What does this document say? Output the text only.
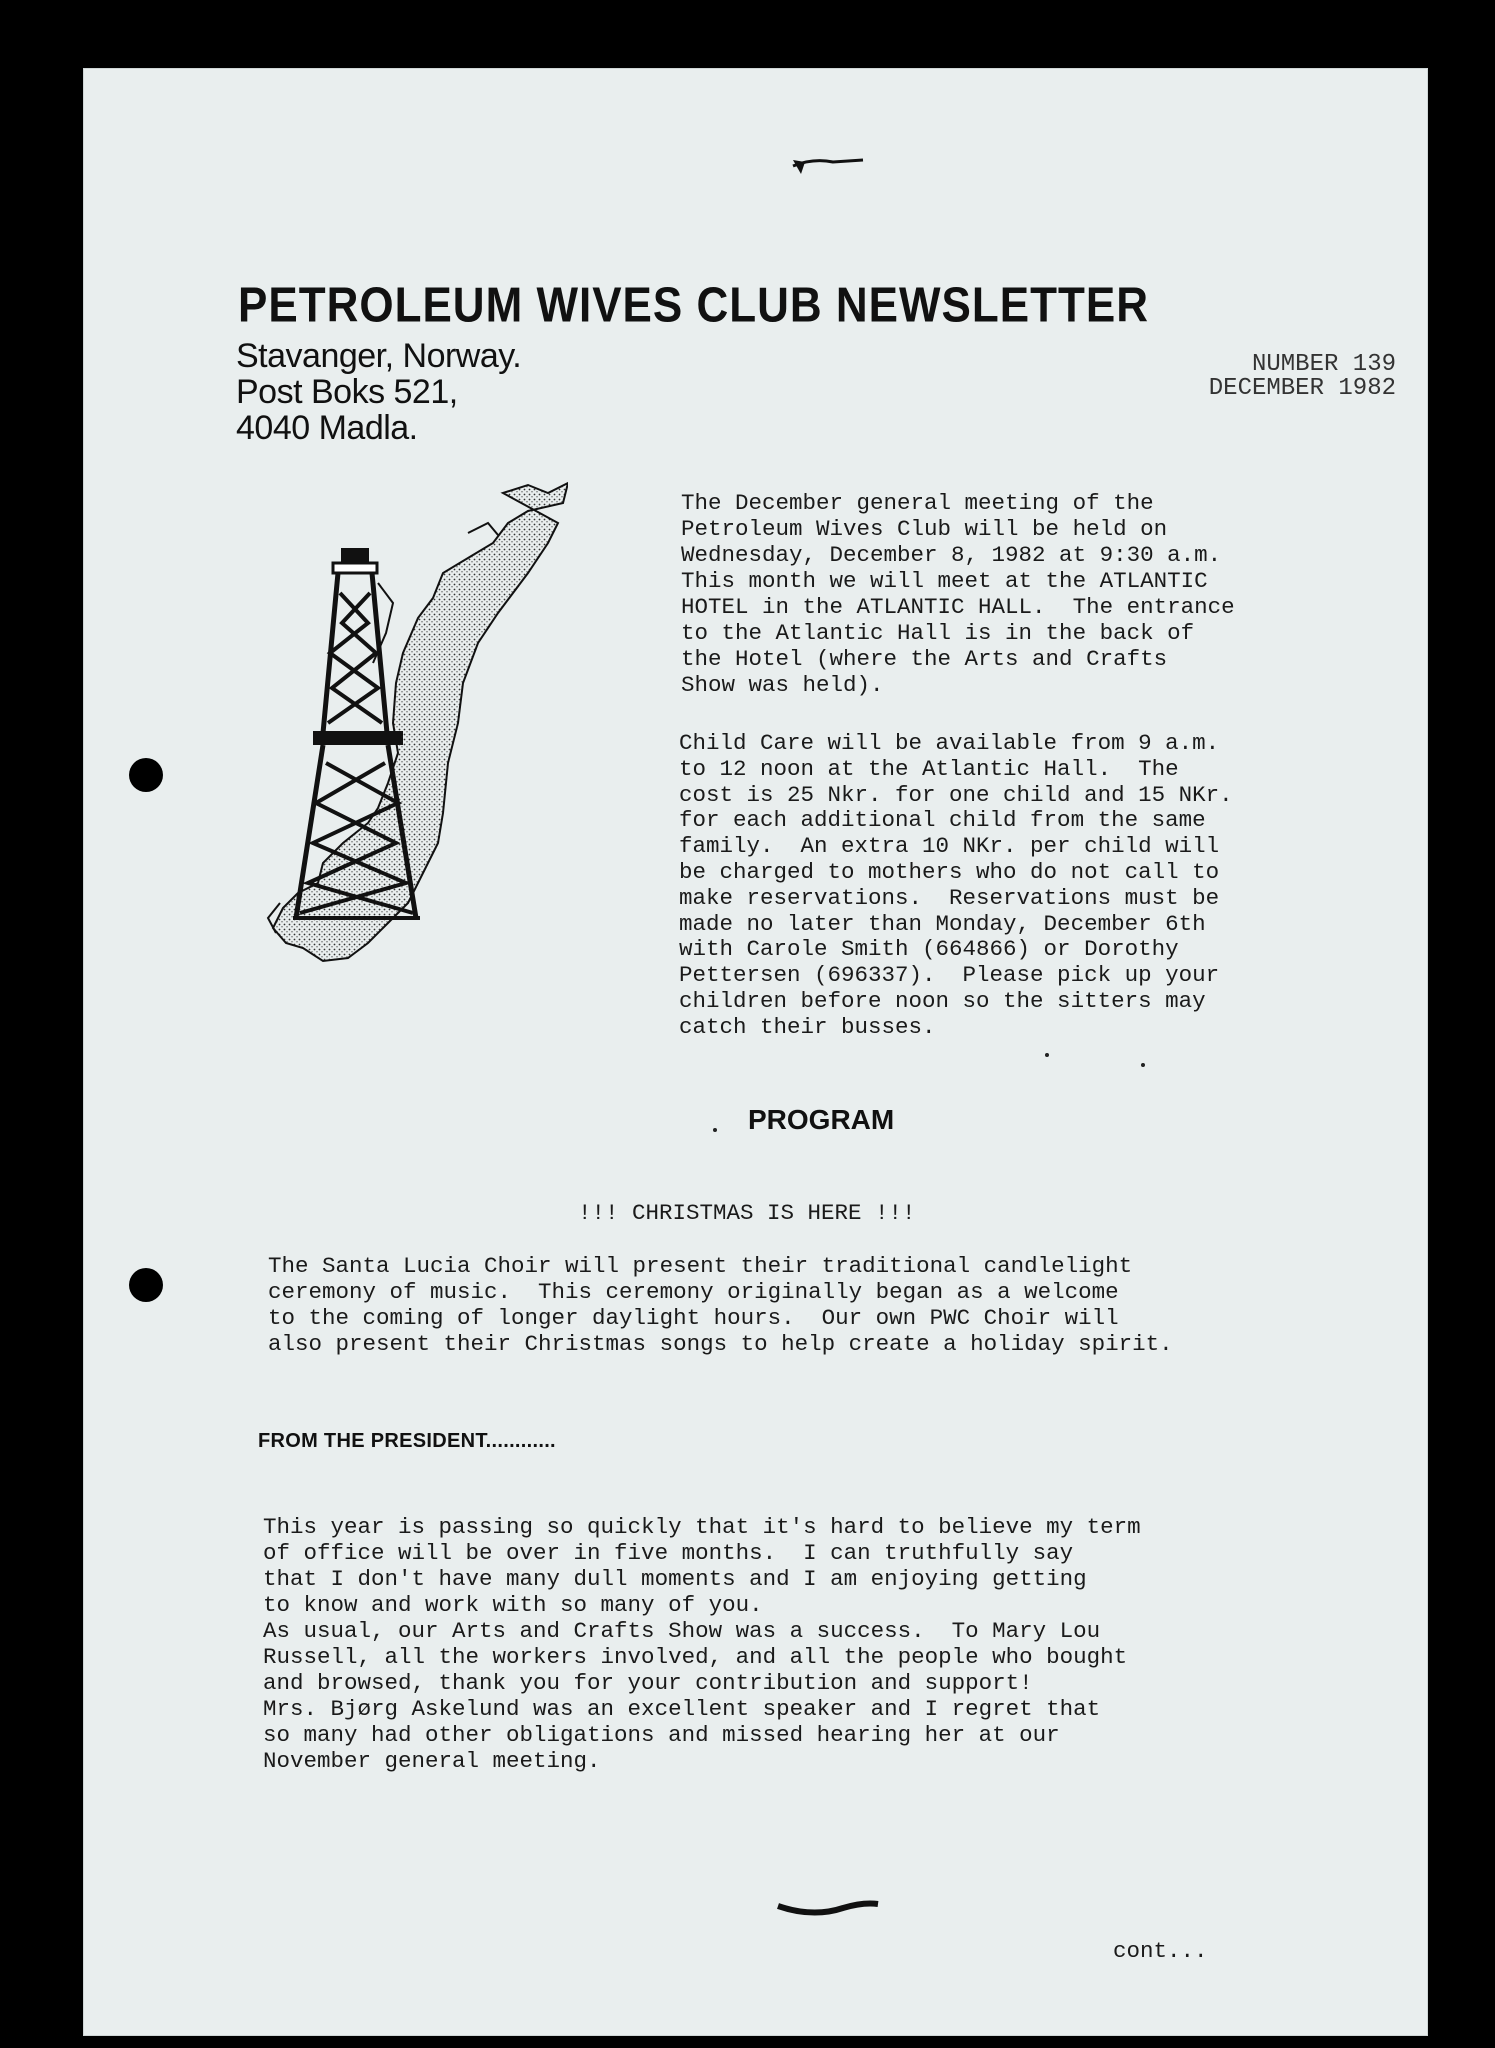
PETROLEUM WIVES CLUB NEWSLETTER
Stavanger, Norway.
Post Boks 521,
4040 Madla.
NUMBER 139
DECEMBER 1982
The December general meeting of the
Petroleum Wives Club will be held on
Wednesday, December 8, 1982 at 9:30 a.m.
This month we will meet at the ATLANTIC
HOTEL in the ATLANTIC HALL.  The entrance
to the Atlantic Hall is in the back of
the Hotel (where the Arts and Crafts
Show was held).
Child Care will be available from 9 a.m.
to 12 noon at the Atlantic Hall.  The
cost is 25 Nkr. for one child and 15 NKr.
for each additional child from the same
family.  An extra 10 NKr. per child will
be charged to mothers who do not call to
make reservations.  Reservations must be
made no later than Monday, December 6th
with Carole Smith (664866) or Dorothy
Pettersen (696337).  Please pick up your
children before noon so the sitters may
catch their busses.
PROGRAM
!!! CHRISTMAS IS HERE !!!
The Santa Lucia Choir will present their traditional candlelight
ceremony of music.  This ceremony originally began as a welcome
to the coming of longer daylight hours.  Our own PWC Choir will
also present their Christmas songs to help create a holiday spirit.
FROM THE PRESIDENT............
This year is passing so quickly that it's hard to believe my term
of office will be over in five months.  I can truthfully say
that I don't have many dull moments and I am enjoying getting
to know and work with so many of you.
As usual, our Arts and Crafts Show was a success.  To Mary Lou
Russell, all the workers involved, and all the people who bought
and browsed, thank you for your contribution and support!
Mrs. Bjørg Askelund was an excellent speaker and I regret that
so many had other obligations and missed hearing her at our
November general meeting.
cont...
